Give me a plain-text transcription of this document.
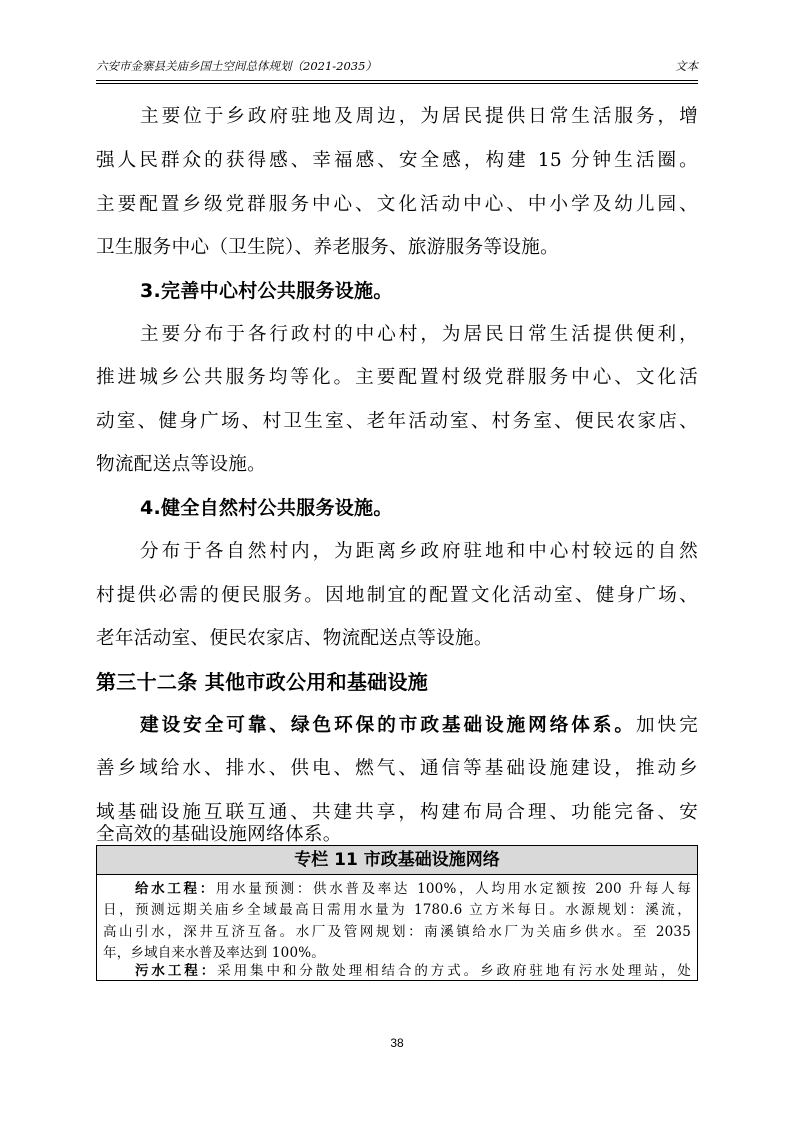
六安市金寨县关庙乡国土空间总体规划（2021-2035）	文本
主要位于乡政府驻地及周边，为居民提供日常生活服务，增
强人民群众的获得感、幸福感、安全感，构建 15 分钟生活圈。
主要配置乡级党群服务中心、文化活动中心、中小学及幼儿园、
卫生服务中心（卫生院）、养老服务、旅游服务等设施。
3.完善中心村公共服务设施。
主要分布于各行政村的中心村，为居民日常生活提供便利，
推进城乡公共服务均等化。主要配置村级党群服务中心、文化活
动室、健身广场、村卫生室、老年活动室、村务室、便民农家店、
物流配送点等设施。
4.健全自然村公共服务设施。
分布于各自然村内，为距离乡政府驻地和中心村较远的自然
村提供必需的便民服务。因地制宜的配置文化活动室、健身广场、
老年活动室、便民农家店、物流配送点等设施。
第三十二条 其他市政公用和基础设施
建设安全可靠、绿色环保的市政基础设施网络体系。加快完
善乡域给水、排水、供电、燃气、通信等基础设施建设，推动乡
域基础设施互联互通、共建共享，构建布局合理、功能完备、安
专栏 11 市政基础设施网络
给水工程：用水量预测：供水普及率达 100%，人均用水定额按 200 升每人每
日，预测远期关庙乡全域最高日需用水量为 1780.6 立方米每日。水源规划：溪流，
高山引水，深井互济互备。水厂及管网规划：南溪镇给水厂为关庙乡供水。至 2035
年，乡域自来水普及率达到 100%。
污水工程：采用集中和分散处理相结合的方式。乡政府驻地有污水处理站，处
38
全高效的基础设施网络体系。
